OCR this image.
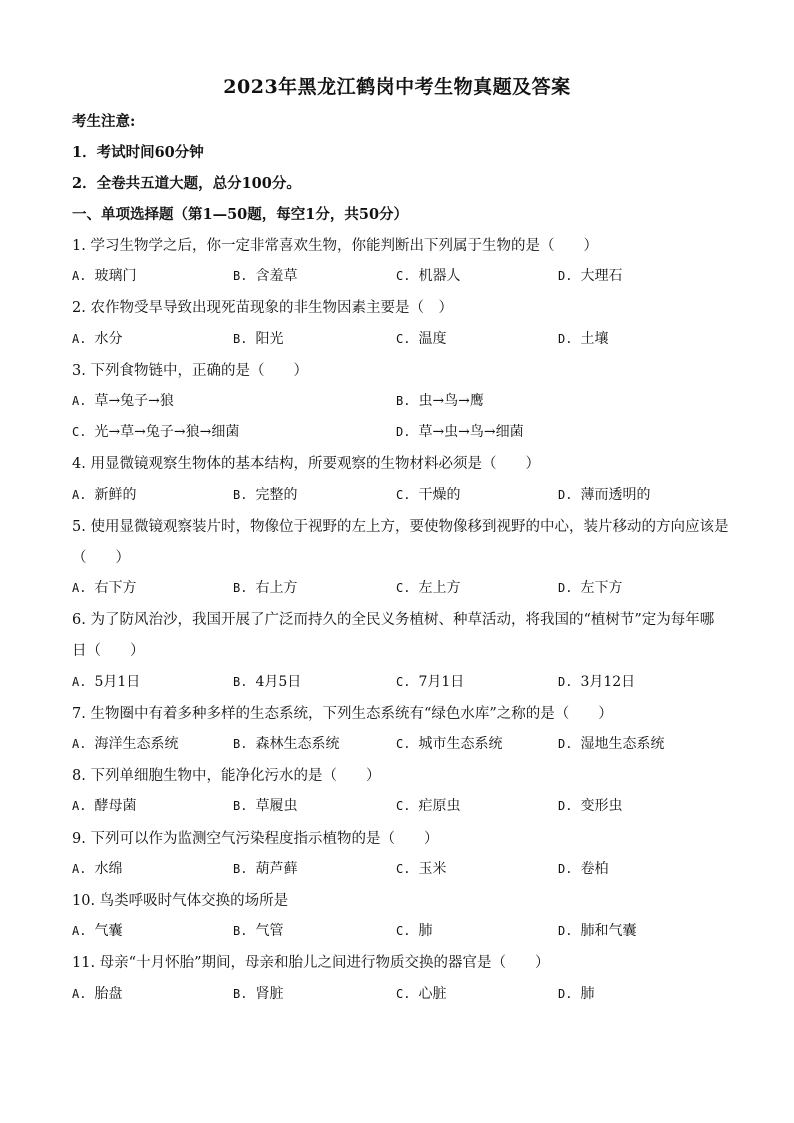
2023年黑龙江鹤岗中考生物真题及答案
考生注意:
1．考试时间60分钟
2．全卷共五道大题，总分100分。
一、单项选择题（第1—50题，每空1分，共50分）
1. 学习生物学之后，你一定非常喜欢生物，你能判断出下列属于生物的是（　　）
A. 玻璃门	B. 含羞草	C. 机器人	D. 大理石
2. 农作物受旱导致出现死苗现象的非生物因素主要是（　）
A. 水分	B. 阳光	C. 温度	D. 土壤
3. 下列食物链中，正确的是（　　）
A. 草→兔子→狼	B. 虫→鸟→鹰
C. 光→草→兔子→狼→细菌	D. 草→虫→鸟→细菌
4. 用显微镜观察生物体的基本结构，所要观察的生物材料必须是（　　）
A. 新鲜的	B. 完整的	C. 干燥的	D. 薄而透明的
5. 使用显微镜观察装片时，物像位于视野的左上方，要使物像移到视野的中心，装片移动的方向应该是
（　　）
A. 右下方	B. 右上方	C. 左上方	D. 左下方
6. 为了防风治沙，我国开展了广泛而持久的全民义务植树、种草活动，将我国的“植树节”定为每年哪
日（　　）
A. 5月1日	B. 4月5日	C. 7月1日	D. 3月12日
7. 生物圈中有着多种多样的生态系统，下列生态系统有“绿色水库”之称的是（　　）
A. 海洋生态系统	B. 森林生态系统	C. 城市生态系统	D. 湿地生态系统
8. 下列单细胞生物中，能净化污水的是（　　）
A. 酵母菌	B. 草履虫	C. 疟原虫	D. 变形虫
9. 下列可以作为监测空气污染程度指示植物的是（　　）
A. 水绵	B. 葫芦藓	C. 玉米	D. 卷柏
10. 鸟类呼吸时气体交换的场所是
A. 气囊	B. 气管	C. 肺	D. 肺和气囊
11. 母亲“十月怀胎”期间，母亲和胎儿之间进行物质交换的器官是（　　）
A. 胎盘	B. 肾脏	C. 心脏	D. 肺
